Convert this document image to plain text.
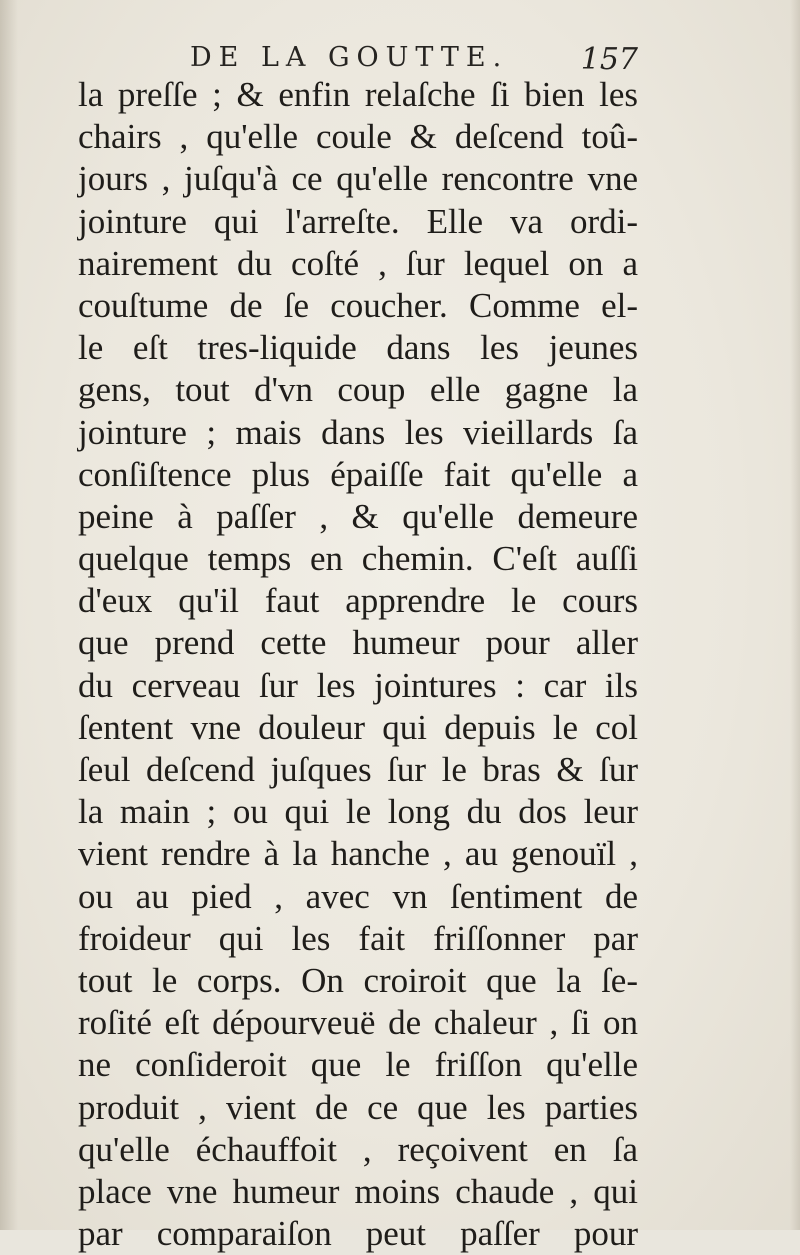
DE LA GOUTTE. 157
la preſſe ; & enfin relaſche ſi bien les
chairs , qu'elle coule & deſcend toû-
jours , juſqu'à ce qu'elle rencontre vne
jointure qui l'arreſte. Elle va ordi-
nairement du coſté , ſur lequel on a
couſtume de ſe coucher. Comme el-
le eſt tres-liquide dans les jeunes
gens, tout d'vn coup elle gagne la
jointure ; mais dans les vieillards ſa
conſiſtence plus épaiſſe fait qu'elle a
peine à paſſer , & qu'elle demeure
quelque temps en chemin. C'eſt auſſi
d'eux qu'il faut apprendre le cours
que prend cette humeur pour aller
du cerveau ſur les jointures : car ils
ſentent vne douleur qui depuis le col
ſeul deſcend juſques ſur le bras & ſur
la main ; ou qui le long du dos leur
vient rendre à la hanche , au genouïl ,
ou au pied , avec vn ſentiment de
froideur qui les fait friſſonner par
tout le corps. On croiroit que la ſe-
roſité eſt dépourveuë de chaleur , ſi on
ne conſideroit que le friſſon qu'elle
produit , vient de ce que les parties
qu'elle échauffoit , reçoivent en ſa
place vne humeur moins chaude , qui
par comparaiſon peut paſſer pour
